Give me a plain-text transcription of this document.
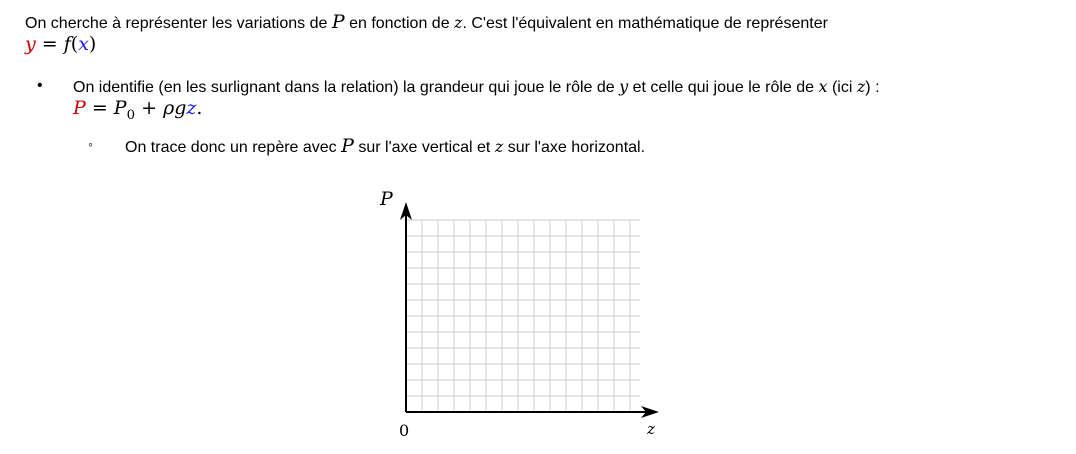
On cherche à représenter les variations de P en fonction de z. C'est l'équivalent en mathématique de représenter
y = f(x)
• On identifie (en les surlignant dans la relation) la grandeur qui joue le rôle de y et celle qui joue le rôle de x (ici z) :
$P = P_0 + \rho gz$.
◦ On trace donc un repère avec P sur l'axe vertical et z sur l'axe horizontal.
P
z
0
